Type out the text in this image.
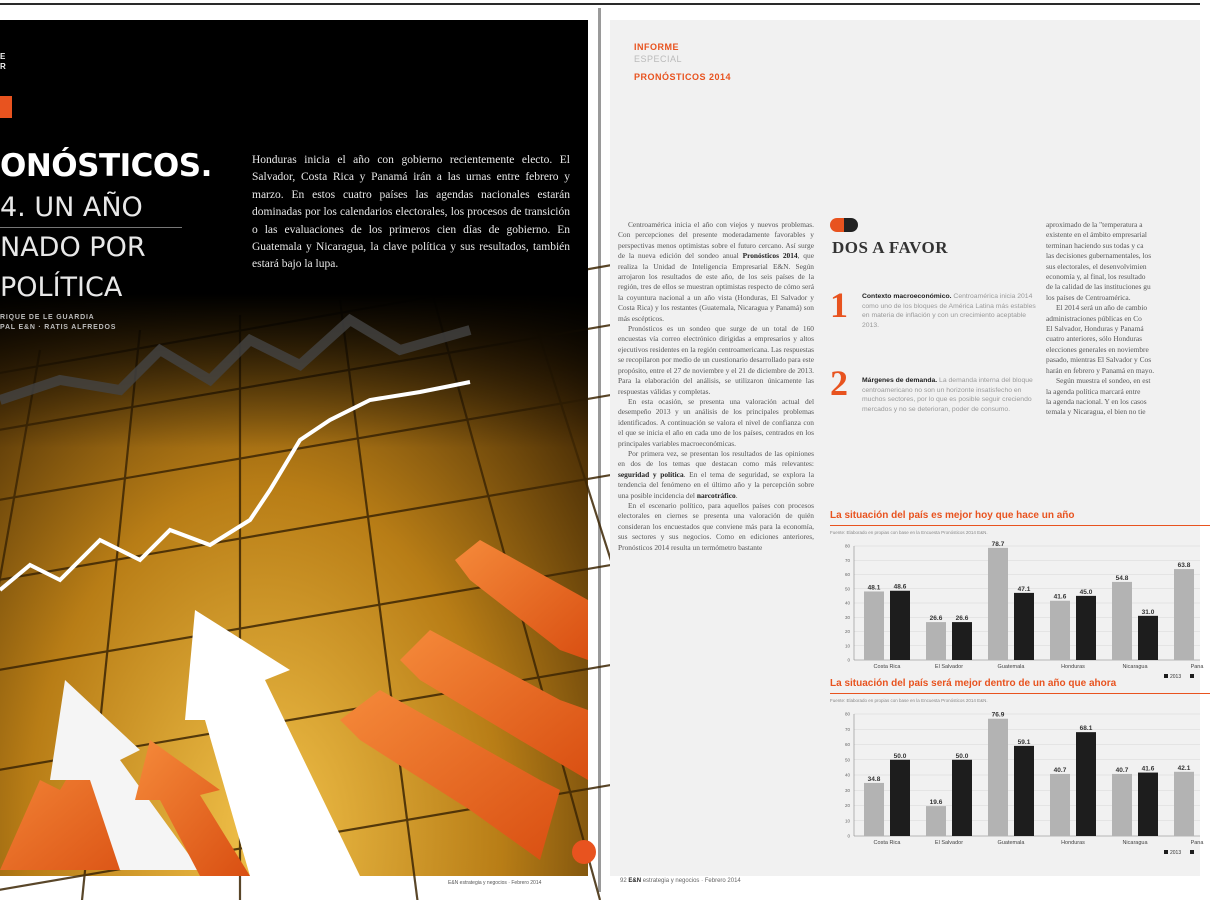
E
R
ONÓSTICOS.
4. UN AÑO
NADO POR
POLÍTICA
RIQUE DE LE GUARDIA
PAL E&N · RATIS ALFREDOS
Honduras inicia el año con gobierno recientemente electo. El Salvador, Costa Rica y Panamá irán a las urnas entre febrero y marzo. En estos cuatro países las agendas nacionales estarán dominadas por los calendarios electorales, los procesos de transición o las evaluaciones de los primeros cien días de gobierno. En Guatemala y Nicaragua, la clave política y sus resultados, también estará bajo la lupa.
INFORME
ESPECIAL
PRONÓSTICOS 2014

Centroamérica inicia el año con viejos y nuevos problemas. Con percepciones del presente moderadamente favorables y perspectivas menos optimistas sobre el futuro cercano. Así surge de la nueva edición del sondeo anual Pronósticos 2014, que realiza la Unidad de Inteligencia Empresarial E&N. Según arrojaron los resultados de este año, de los seis países de la región, tres de ellos se muestran optimistas respecto de cómo será la coyuntura nacional a un año vista (Honduras, El Salvador y Costa Rica) y los restantes (Guatemala, Nicaragua y Panamá) son más escépticos.

Pronósticos es un sondeo que surge de un total de 160 encuestas vía correo electrónico dirigidas a empresarios y altos ejecutivos residentes en la región centroamericana. Las respuestas se recopilaron por medio de un cuestionario desarrollado para este propósito, entre el 27 de noviembre y el 21 de diciembre de 2013. Para la elaboración del análisis, se utilizaron únicamente las respuestas válidas y completas.

En esta ocasión, se presenta una valoración actual del desempeño 2013 y un análisis de los principales problemas identificados. A continuación se valora el nivel de confianza con el que se inicia el año en cada uno de los países, centrados en los principales variables macroeconómicas.

Por primera vez, se presentan los resultados de las opiniones en dos de los temas que destacan como más relevantes: seguridad y política. En el tema de seguridad, se explora la tendencia del fenómeno en el último año y la percepción sobre una posible incidencia del narcotráfico.

En el escenario político, para aquellos países con procesos electorales en ciernes se presenta una valoración de quién consideran los encuestados que conviene más para la economía, sus sectores y sus negocios. Como en ediciones anteriores, Pronósticos 2014 resulta un termómetro bastante

DOS A FAVOR
1 Contexto macroeconómico. Centroamérica inicia 2014 como uno de los bloques de América Latina más estables en materia de inflación y con un crecimiento aceptable 2013.
2 Márgenes de demanda. La demanda interna del bloque centroamericano no son un horizonte insatisfecho en muchos sectores, por lo que es posible seguir creciendo mercados y no se deterioran, poder de consumo.

aproximado de la "temperatura a

existente en el ámbito empresarial

terminan haciendo sus todas y ca

las decisiones gubernamentales, los

sus electorales, el desenvolvimien

economía y, al final, los resultado

de la calidad de las instituciones gu

los países de Centroamérica.

El 2014 será un año de cambio

administraciones públicas en Co

El Salvador, Honduras y Panamá

cuatro anteriores, sólo Honduras

elecciones generales en noviembre

pasado, mientras El Salvador y Cos

harán en febrero y Panamá en mayo.

Según muestra el sondeo, en est

la agenda política marcará entre

la agenda nacional. Y en los casos

temala y Nicaragua, el bien no tie

La situación del país es mejor hoy que hace un año
Fuente: Elaborado en propias con base en la Encuesta Pronósticos 2014 E&N.
0
10
20
30
40
50
60
70
80
48.1 48.6
Costa Rica
26.6 26.6
El Salvador
78.7
47.1
Guatemala
41.6
45.0
Honduras
54.8
31.0
Nicaragua
63.8
Pana
2013
La situación del país será mejor dentro de un año que ahora
Fuente: Elaborado en propias con base en la Encuesta Pronósticos 2014 E&N.
0
10
20
30
40
50
60
70
80
34.8
50.0
Costa Rica
19.6
50.0
El Salvador
76.9
59.1
Guatemala
40.7
68.1
Honduras
40.7 41.6
Nicaragua
42.1
Pana
2013
92 E&N estrategia y negocios · Febrero 2014
E&N estrategia y negocios · Febrero 2014
